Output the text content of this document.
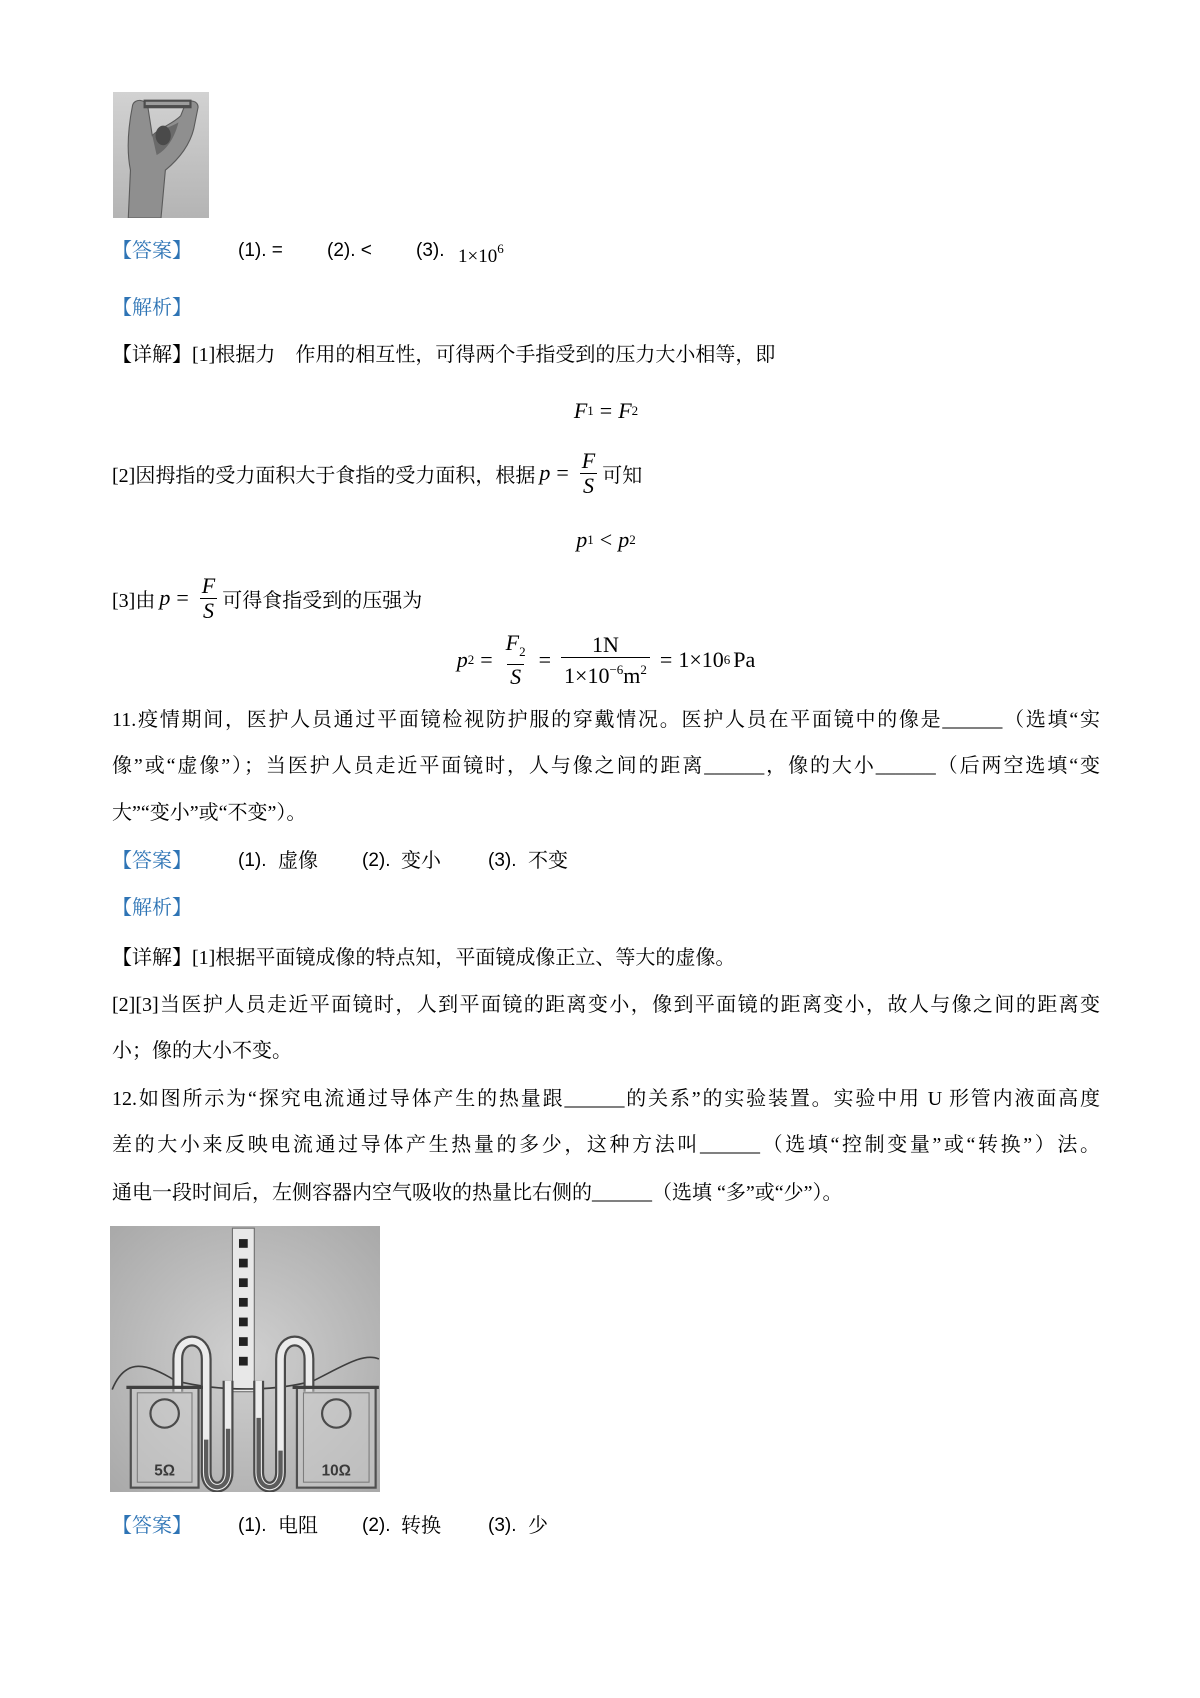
【答案】 (1). = (2). < (3). $1\times 10^6$
【解析】
【详解】[1]根据力　作用的相互性，可得两个手指受到的压力大小相等，即
F 1 = F 2
[2]因拇指的受力面积大于食指的受力面积，根据 $p = \frac{F}{S}$ 可知
p 1 < p 2
[3]由 $p = \frac{F}{S}$ 可得食指受到的压强为
p $2 = \frac{F_2}{S} = \frac{1N}{1\times 10^{-6}m^2} = 1\times 10$ 6 Pa
11.疫情期间，医护人员通过平面镜检视防护服的穿戴情况。医护人员在平面镜中的像是______（选填“实
像”或“虚像”）；当医护人员走近平面镜时，人与像之间的距离______，像的大小______（后两空选填“变
大”“变小”或“不变”）。
【答案】 (1). 虚像 (2). 变小 (3). 不变
【解析】
【详解】[1]根据平面镜成像的特点知，平面镜成像正立、等大的虚像。
[2][3]当医护人员走近平面镜时，人到平面镜的距离变小，像到平面镜的距离变小，故人与像之间的距离变
小；像的大小不变。
12.如图所示为“探究电流通过导体产生的热量跟______的关系”的实验装置。实验中用 U 形管内液面高度
差的大小来反映电流通过导体产生热量的多少，这种方法叫______（选填“控制变量”或“转换”）法。
通电一段时间后，左侧容器内空气吸收的热量比右侧的______（选填 “多”或“少”）。
5Ω	10Ω
【答案】 (1). 电阻 (2). 转换 (3). 少
